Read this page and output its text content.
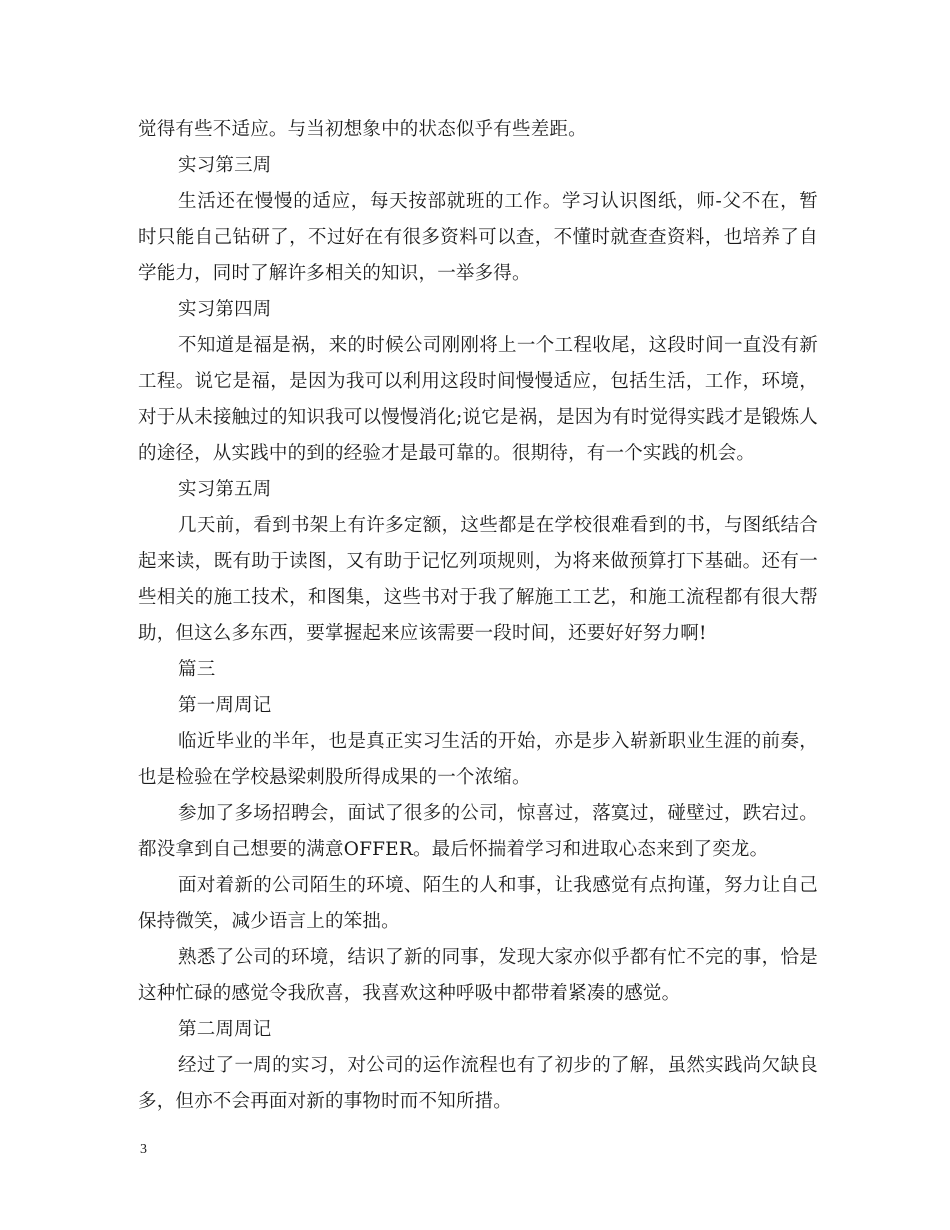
觉得有些不适应。与当初想象中的状态似乎有些差距。

实习第三周

生活还在慢慢的适应，每天按部就班的工作。学习认识图纸，师-父不在，暂时只能自己钻研了，不过好在有很多资料可以查，不懂时就查查资料，也培养了自学能力，同时了解许多相关的知识，一举多得。

实习第四周

不知道是福是祸，来的时候公司刚刚将上一个工程收尾，这段时间一直没有新工程。说它是福，是因为我可以利用这段时间慢慢适应，包括生活，工作，环境，对于从未接触过的知识我可以慢慢消化;说它是祸，是因为有时觉得实践才是锻炼人的途径，从实践中的到的经验才是最可靠的。很期待，有一个实践的机会。

实习第五周

几天前，看到书架上有许多定额，这些都是在学校很难看到的书，与图纸结合起来读，既有助于读图，又有助于记忆列项规则，为将来做预算打下基础。还有一些相关的施工技术，和图集，这些书对于我了解施工工艺，和施工流程都有很大帮助，但这么多东西，要掌握起来应该需要一段时间，还要好好努力啊!

篇三

第一周周记

临近毕业的半年，也是真正实习生活的开始，亦是步入崭新职业生涯的前奏，也是检验在学校悬梁刺股所得成果的一个浓缩。

参加了多场招聘会，面试了很多的公司，惊喜过，落寞过，碰壁过，跌宕过。都没拿到自己想要的满意OFFER。最后怀揣着学习和进取心态来到了奕龙。

面对着新的公司陌生的环境、陌生的人和事，让我感觉有点拘谨，努力让自己保持微笑，减少语言上的笨拙。

熟悉了公司的环境，结识了新的同事，发现大家亦似乎都有忙不完的事，恰是这种忙碌的感觉令我欣喜，我喜欢这种呼吸中都带着紧凑的感觉。

第二周周记

经过了一周的实习，对公司的运作流程也有了初步的了解，虽然实践尚欠缺良多，但亦不会再面对新的事物时而不知所措。

3
